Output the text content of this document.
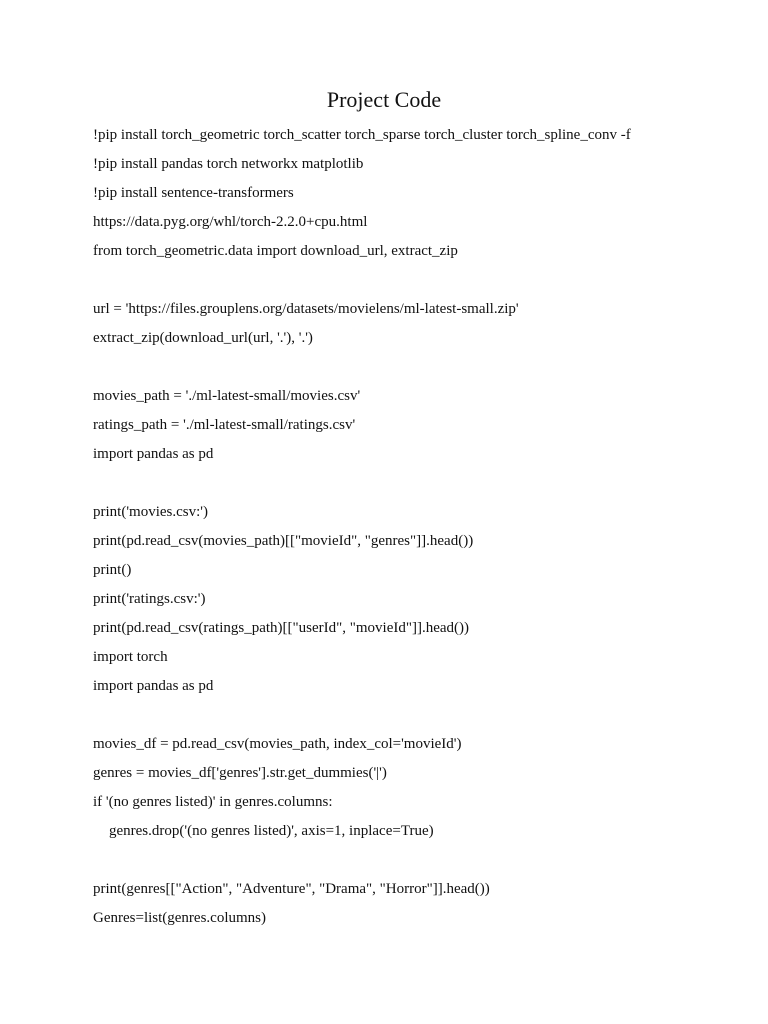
Project Code
!pip install torch_geometric torch_scatter torch_sparse torch_cluster torch_spline_conv -f
!pip install pandas torch networkx matplotlib
!pip install sentence-transformers
https://data.pyg.org/whl/torch-2.2.0+cpu.html
from torch_geometric.data import download_url, extract_zip
url = 'https://files.grouplens.org/datasets/movielens/ml-latest-small.zip'
extract_zip(download_url(url, '.'), '.')
movies_path = './ml-latest-small/movies.csv'
ratings_path = './ml-latest-small/ratings.csv'
import pandas as pd
print('movies.csv:')
print(pd.read_csv(movies_path)[["movieId", "genres"]].head())
print()
print('ratings.csv:')
print(pd.read_csv(ratings_path)[["userId", "movieId"]].head())
import torch
import pandas as pd
movies_df = pd.read_csv(movies_path, index_col='movieId')
genres = movies_df['genres'].str.get_dummies('|')
if '(no genres listed)' in genres.columns:
genres.drop('(no genres listed)', axis=1, inplace=True)
print(genres[["Action", "Adventure", "Drama", "Horror"]].head())
Genres=list(genres.columns)
